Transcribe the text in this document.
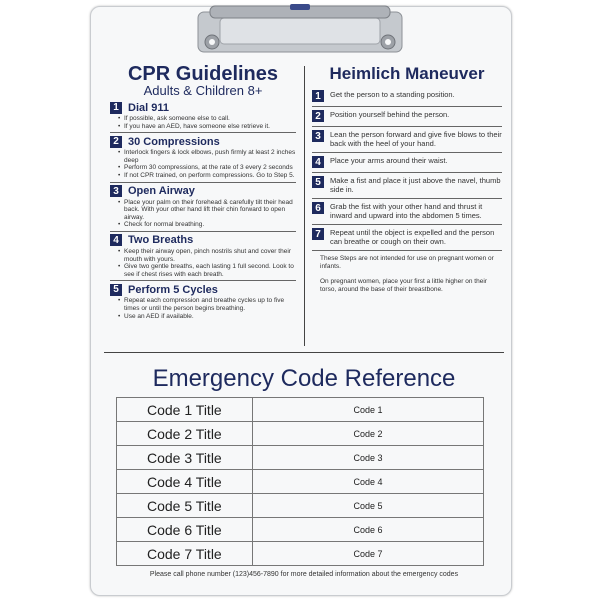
CPR Guidelines
Adults & Children 8+
1 Dial 911
• If possible, ask someone else to call.
• If you have an AED, have someone else retrieve it.
2 30 Compressions
• Interlock fingers & lock elbows, push firmly at least 2 inches deep
• Perform 30 compressions, at the rate of 3 every 2 seconds
• If not CPR trained, on perform compressions. Go to Step 5.
3 Open Airway
• Place your palm on their forehead & carefully tilt their head back. With your other hand lift their chin forward to open airway.
• Check for normal breathing.
4 Two Breaths
• Keep their airway open, pinch nostrils shut and cover their mouth with yours.
• Give two gentle breaths, each lasting 1 full second. Look to see if chest rises with each breath.
5 Perform 5 Cycles
• Repeat each compression and breathe cycles up to five times or until the person begins breathing.
• Use an AED if available.
Heimlich Maneuver
1	Get the person to a standing position.
2	Position yourself behind the person.
3	Lean the person forward and give five blows to their back with the heel of your hand.
4	Place your arms around their waist.
5	Make a fist and place it just above the navel, thumb side in.
6	Grab the fist with your other hand and thrust it inward and upward into the abdomen 5 times.
7	Repeat until the object is expelled and the person can breathe or cough on their own.

These Steps are not intended for use on pregnant women or infants.

On pregnant women, place your first a little higher on their torso, around the base of their breastbone.

Emergency Code Reference
Code 1 Title	Code 1
Code 2 Title	Code 2
Code 3 Title	Code 3
Code 4 Title	Code 4
Code 5 Title	Code 5
Code 6 Title	Code 6
Code 7 Title	Code 7
Please call phone number (123)456-7890 for more detailed information about the emergency codes
